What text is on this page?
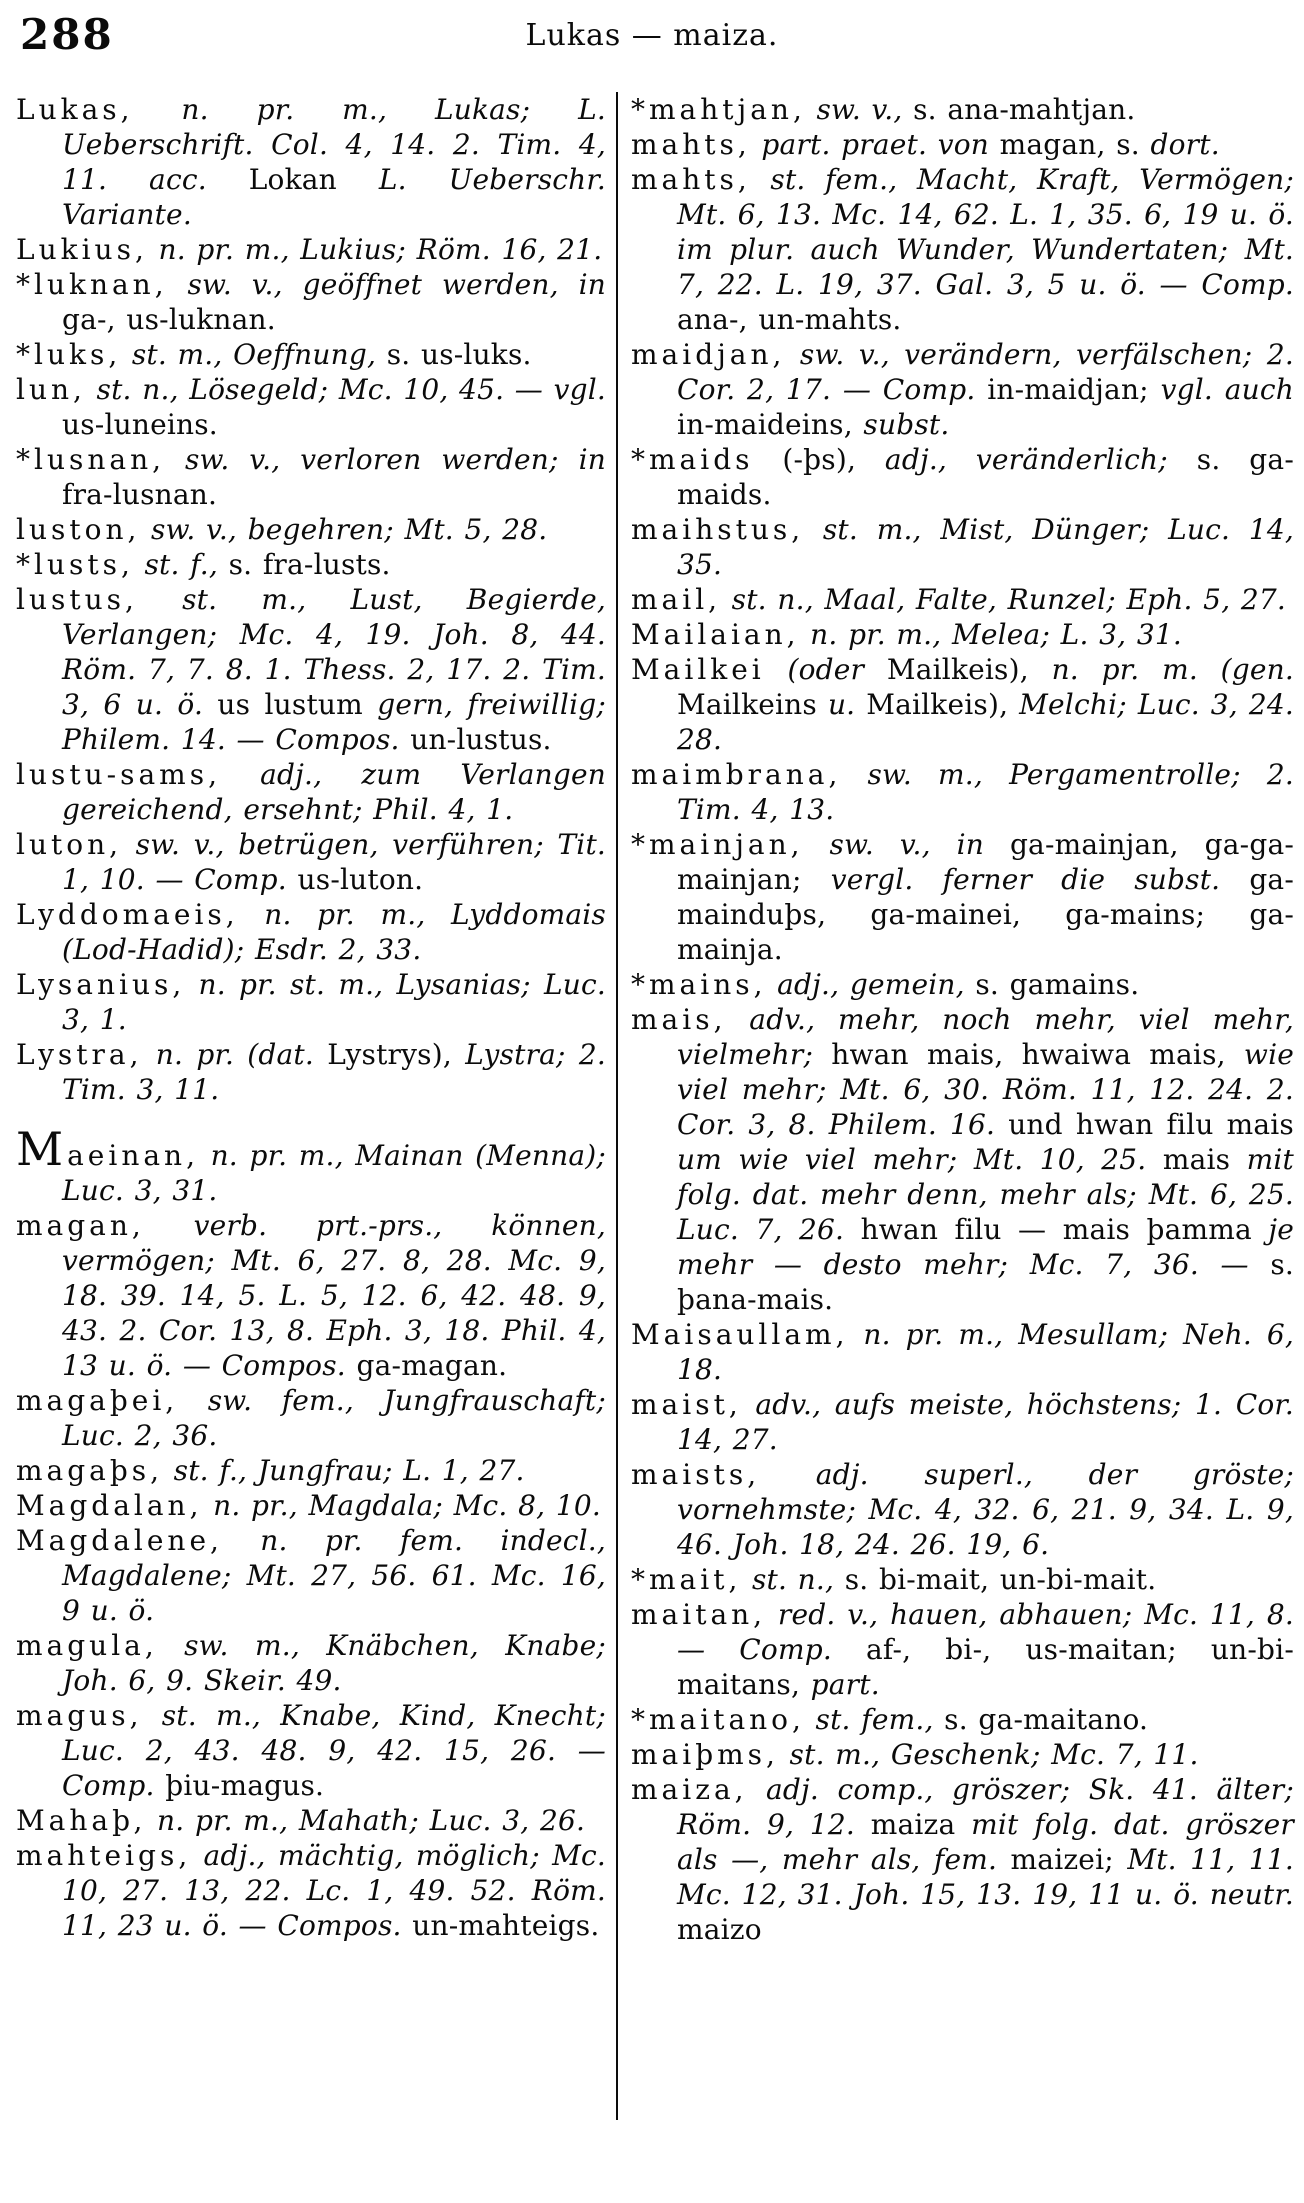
288	Lukas — maiza.

Lukas, n. pr. m., Lukas; L. Ueberschrift. Col. 4, 14. 2. Tim. 4, 11. acc. Lokan L. Ueberschr. Variante.

Lukius, n. pr. m., Lukius; Röm. 16, 21.

*luknan, sw. v., geöffnet werden, in ga-, us-luknan.

*luks, st. m., Oeffnung, s. us-luks.

lun, st. n., Lösegeld; Mc. 10, 45. — vgl. us-luneins.

*lusnan, sw. v., verloren werden; in fra-lusnan.

luston, sw. v., begehren; Mt. 5, 28.

*lusts, st. f., s. fra-lusts.

lustus, st. m., Lust, Begierde, Verlangen; Mc. 4, 19. Joh. 8, 44. Röm. 7, 7. 8. 1. Thess. 2, 17. 2. Tim. 3, 6 u. ö. us lustum gern, freiwillig; Philem. 14. — Compos. un-lustus.

lustu-sams, adj., zum Verlangen gereichend, ersehnt; Phil. 4, 1.

luton, sw. v., betrügen, verführen; Tit. 1, 10. — Comp. us-luton.

Lyddomaeis, n. pr. m., Lyddomais (Lod-Hadid); Esdr. 2, 33.

Lysanius, n. pr. st. m., Lysanias; Luc. 3, 1.

Lystra, n. pr. (dat. Lystrys), Lystra; 2. Tim. 3, 11.

Maeinan, n. pr. m., Mainan (Menna); Luc. 3, 31.

magan, verb. prt.-prs., können, vermögen; Mt. 6, 27. 8, 28. Mc. 9, 18. 39. 14, 5. L. 5, 12. 6, 42. 48. 9, 43. 2. Cor. 13, 8. Eph. 3, 18. Phil. 4, 13 u. ö. — Compos. ga-magan.

magaþei, sw. fem., Jungfrauschaft; Luc. 2, 36.

magaþs, st. f., Jungfrau; L. 1, 27.

Magdalan, n. pr., Magdala; Mc. 8, 10.

Magdalene, n. pr. fem. indecl., Magdalene; Mt. 27, 56. 61. Mc. 16, 9 u. ö.

magula, sw. m., Knäbchen, Knabe; Joh. 6, 9. Skeir. 49.

magus, st. m., Knabe, Kind, Knecht; Luc. 2, 43. 48. 9, 42. 15, 26. — Comp. þiu-magus.

Mahaþ, n. pr. m., Mahath; Luc. 3, 26.

mahteigs, adj., mächtig, möglich; Mc. 10, 27. 13, 22. Lc. 1, 49. 52. Röm. 11, 23 u. ö. — Compos. un-mahteigs.

*mahtjan, sw. v., s. ana-mahtjan.

mahts, part. praet. von magan, s. dort.

mahts, st. fem., Macht, Kraft, Vermögen; Mt. 6, 13. Mc. 14, 62. L. 1, 35. 6, 19 u. ö. im plur. auch Wunder, Wundertaten; Mt. 7, 22. L. 19, 37. Gal. 3, 5 u. ö. — Comp. ana-, un-mahts.

maidjan, sw. v., verändern, verfälschen; 2. Cor. 2, 17. — Comp. in-maidjan; vgl. auch in-maideins, subst.

*maids (-þs), adj., veränderlich; s. ga-maids.

maihstus, st. m., Mist, Dünger; Luc. 14, 35.

mail, st. n., Maal, Falte, Runzel; Eph. 5, 27.

Mailaian, n. pr. m., Melea; L. 3, 31.

Mailkei (oder Mailkeis), n. pr. m. (gen. Mailkeins u. Mailkeis), Melchi; Luc. 3, 24. 28.

maimbrana, sw. m., Pergamentrolle; 2. Tim. 4, 13.

*mainjan, sw. v., in ga-mainjan, ga-ga-mainjan; vergl. ferner die subst. ga-mainduþs, ga-mainei, ga-mains; ga-mainja.

*mains, adj., gemein, s. gamains.

mais, adv., mehr, noch mehr, viel mehr, vielmehr; hwan mais, hwaiwa mais, wie viel mehr; Mt. 6, 30. Röm. 11, 12. 24. 2. Cor. 3, 8. Philem. 16. und hwan filu mais um wie viel mehr; Mt. 10, 25. mais mit folg. dat. mehr denn, mehr als; Mt. 6, 25. Luc. 7, 26. hwan filu — mais þamma je mehr — desto mehr; Mc. 7, 36. — s. þana-mais.

Maisaullam, n. pr. m., Mesullam; Neh. 6, 18.

maist, adv., aufs meiste, höchstens; 1. Cor. 14, 27.

maists, adj. superl., der gröste; vornehmste; Mc. 4, 32. 6, 21. 9, 34. L. 9, 46. Joh. 18, 24. 26. 19, 6.

*mait, st. n., s. bi-mait, un-bi-mait.

maitan, red. v., hauen, abhauen; Mc. 11, 8. — Comp. af-, bi-, us-maitan; un-bi-maitans, part.

*maitano, st. fem., s. ga-maitano.

maiþms, st. m., Geschenk; Mc. 7, 11.

maiza, adj. comp., gröszer; Sk. 41. älter; Röm. 9, 12. maiza mit folg. dat. gröszer als —, mehr als, fem. maizei; Mt. 11, 11. Mc. 12, 31. Joh. 15, 13. 19, 11 u. ö. neutr. maizo
